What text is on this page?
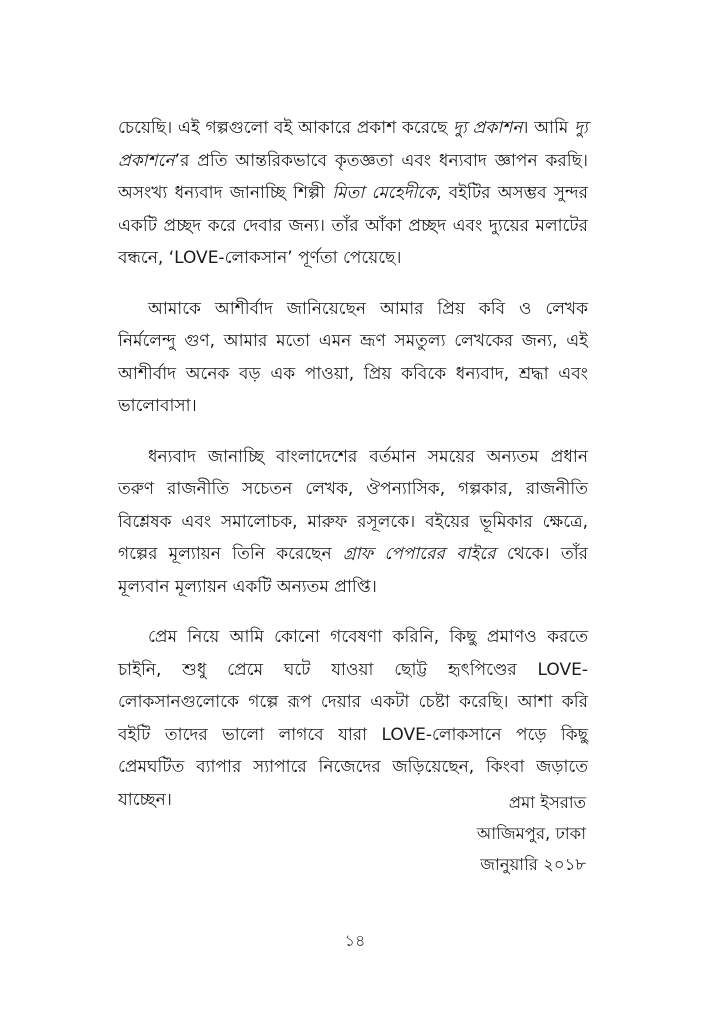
চেয়েছি। এই গল্পগুলো বই আকারে প্রকাশ করেছে দ্যু প্রকাশন। আমি দ্যু প্রকাশনে’র প্রতি আন্তরিকভাবে কৃতজ্ঞতা এবং ধন্যবাদ জ্ঞাপন করছি। অসংখ্য ধন্যবাদ জানাচ্ছি শিল্পী মিতা মেহেদীকে, বইটির অসম্ভব সুন্দর একটি প্রচ্ছদ করে দেবার জন্য। তাঁর আঁকা প্রচ্ছদ এবং দ্যুয়ের মলাটের বন্ধনে, ‘LOVE-লোকসান’ পূর্ণতা পেয়েছে।

আমাকে আশীর্বাদ জানিয়েছেন আমার প্রিয় কবি ও লেখক নির্মলেন্দু গুণ, আমার মতো এমন ভ্রূণ সমতুল্য লেখকের জন্য, এই আশীর্বাদ অনেক বড় এক পাওয়া, প্রিয় কবিকে ধন্যবাদ, শ্রদ্ধা এবং ভালোবাসা।

ধন্যবাদ জানাচ্ছি বাংলাদেশের বর্তমান সময়ের অন্যতম প্রধান তরুণ রাজনীতি সচেতন লেখক, ঔপন্যাসিক, গল্পকার, রাজনীতি বিশ্লেষক এবং সমালোচক, মারুফ রসূলকে। বইয়ের ভূমিকার ক্ষেত্রে, গল্পের মূল্যায়ন তিনি করেছেন গ্রাফ পেপারের বাইরে থেকে। তাঁর মূল্যবান মূল্যায়ন একটি অন্যতম প্রাপ্তি।

প্রেম নিয়ে আমি কোনো গবেষণা করিনি, কিছু প্রমাণও করতে চাইনি, শুধু প্রেমে ঘটে যাওয়া ছোট্ট হৃৎপিণ্ডের LOVE-লোকসানগুলোকে গল্পে রূপ দেয়ার একটা চেষ্টা করেছি। আশা করি বইটি তাদের ভালো লাগবে যারা LOVE-লোকসানে পড়ে কিছু প্রেমঘটিত ব্যাপার স্যাপারে নিজেদের জড়িয়েছেন, কিংবা জড়াতে যাচ্ছেন।	প্রমা ইসরাত
আজিমপুর, ঢাকা
জানুয়ারি ২০১৮
১৪
